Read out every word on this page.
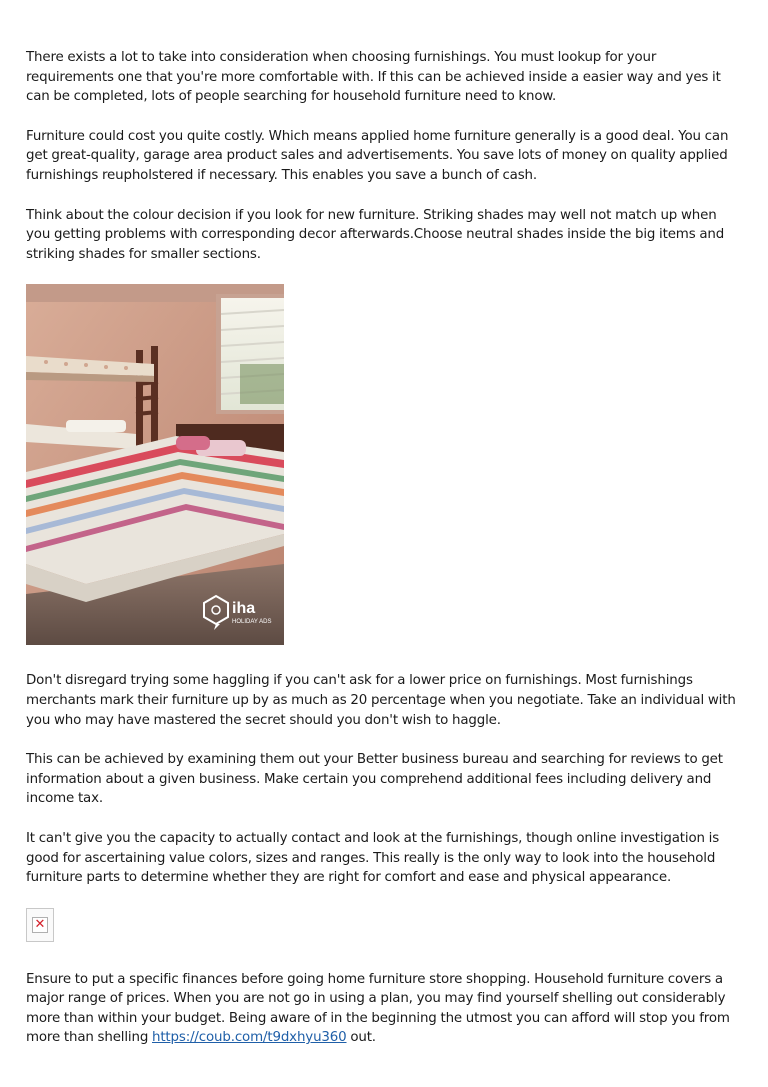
There exists a lot to take into consideration when choosing furnishings. You must lookup for your requirements one that you're more comfortable with. If this can be achieved inside a easier way and yes it can be completed, lots of people searching for household furniture need to know.

Furniture could cost you quite costly. Which means applied home furniture generally is a good deal. You can get great-quality, garage area product sales and advertisements. You save lots of money on quality applied furnishings reupholstered if necessary. This enables you save a bunch of cash.

Think about the colour decision if you look for new furniture. Striking shades may well not match up when you getting problems with corresponding decor afterwards.Choose neutral shades inside the big items and striking shades for smaller sections.

iha
HOLIDAY ADS

Don't disregard trying some haggling if you can't ask for a lower price on furnishings. Most furnishings merchants mark their furniture up by as much as 20 percentage when you negotiate. Take an individual with you who may have mastered the secret should you don't wish to haggle.

This can be achieved by examining them out your Better business bureau and searching for reviews to get information about a given business. Make certain you comprehend additional fees including delivery and income tax.

It can't give you the capacity to actually contact and look at the furnishings, though online investigation is good for ascertaining value colors, sizes and ranges. This really is the only way to look into the household furniture parts to determine whether they are right for comfort and ease and physical appearance.

✕

Ensure to put a specific finances before going home furniture store shopping. Household furniture covers a major range of prices. When you are not go in using a plan, you may find yourself shelling out considerably more than within your budget. Being aware of in the beginning the utmost you can afford will stop you from more than shelling https://coub.com/t9dxhyu360 out.
